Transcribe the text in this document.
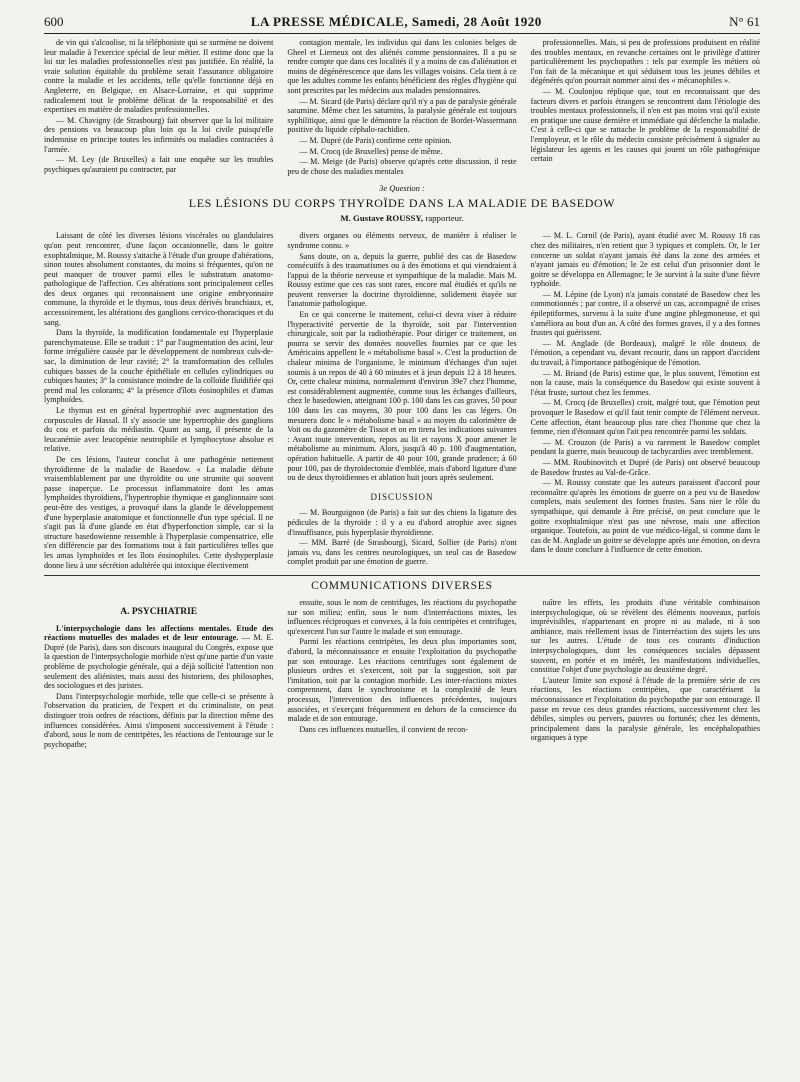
600	LA PRESSE MÉDICALE, Samedi, 28 Août 1920	N° 61

de vin qui s'alcoolise, ni la téléphoniste qui se surmène ne doivent leur maladie à l'exercice spécial de leur métier. Il estime donc que la loi sur les maladies professionnelles n'est pas justifiée. En réalité, la vraie solution équitable du problème serait l'assurance obligatoire contre la maladie et les accidents, telle qu'elle fonctionne déjà en Angleterre, en Belgique, en Alsace-Lorraine, et qui supprime radicalement tout le problème délicat de la responsabilité et des expertises en matière de maladies professionnelles.

— M. Chavigny (de Strasbourg) fait observer que la loi militaire des pensions va beaucoup plus loin qu la loi civile puisqu'elle indemnise en principe toutes les infirmités ou maladies contractées à l'armée.

— M. Ley (de Bruxelles) a fait une enquête sur les troubles psychiques qu'auraient pu contracter, par

contagion mentale, les individus qui dans les colonies belges de Gheel et Lierneux ont des aliénés comme pensionnaires. Il a pu se rendre compte que dans ces localités il y a moins de cas d'aliénation et moins de dégénérescence que dans les villages voisins. Cela tient à ce que les adultes comme les enfants bénéficient des règles d'hygiène qui sont prescrites par les médecins aux malades pensionnaires.

— M. Sicard (de Paris) déclare qu'il n'y a pas de paralysie générale saturnine. Même chez les saturnins, la paralysie générale est toujours syphilitique, ainsi que le démontre la réaction de Bordet-Wassermann positive du liquide céphalo-rachidien.

— M. Dupré (de Paris) confirme cette opinion.

— M. Crocq (de Bruxelles) pense de même.

— M. Meige (de Paris) observe qu'après cette discussion, il reste peu de chose des maladies mentales

professionnelles. Mais, si peu de professions produisent en réalité des troubles mentaux, en revanche certaines ont le privilège d'attirer particulièrement les psychopathes : tels par exemple les métiers où l'on fait de la mécanique et qui séduisent tous les jeunes débiles et dégénérés qu'on pourrait nommer ainsi des « mécanophiles ».

— M. Coulonjou réplique que, tout en reconnaissant que des facteurs divers et parfois étrangers se rencontrent dans l'étiologie des troubles mentaux professionnels, il n'en est pas moins vrai qu'il existe en pratique une cause dernière et immédiate qui déclenche la maladie. C'est à celle-ci que se rattache le problème de la responsabilité de l'employeur, et le rôle du médecin consiste précisément à signaler au législateur les agents et les causes qui jouent un rôle pathogénique certain

3e Question :
LES LÉSIONS DU CORPS THYROÏDE DANS LA MALADIE DE BASEDOW
M. Gustave ROUSSY, rapporteur.

Laissant de côté les diverses lésions viscérales ou glandulaires qu'on peut rencontrer, d'une façon occasionnelle, dans le goitre exophtalmique, M. Roussy s'attache à l'étude d'un groupe d'altérations, sinon toutes absolument constantes, du moins si fréquentes, qu'on ne peut manquer de trouver parmi elles le substratum anatomo-pathologique de l'affection. Ces altérations sont principalement celles des deux organes qui reconnaissent une origine embryonnaire commune, la thyroïde et le thymus, tous deux dérivés branchiaux, et, accessoirement, les altérations des ganglions cervico-thoraciques et du sang.

Dans la thyroïde, la modification fondamentale est l'hyperplasie parenchymateuse. Elle se traduit : 1° par l'augmentation des acini, leur forme irrégulière causée par le développement de nombreux culs-de-sac, la diminution de leur cavité; 2° la transformation des cellules cubiques basses de la couche épithéliale en cellules cylindriques ou cubiques hautes; 3° la consistance moindre de la colloïde fluidifiée qui prend mal les colorants; 4° la présence d'îlots éosinophiles et d'amas lymphoïdes.

Le thymus est en général hypertrophié avec augmentation des corpuscules de Hassal. Il s'y associe une hypertrophie des ganglions du cou et parfois du médiastin. Quant au sang, il présente de la leucanémie avec leucopénie neutrophile et lymphocytose absolue et relative.

De ces lésions, l'auteur conclut à une pathogénie nettement thyroïdienne de la maladie de Basedow. « La maladie débute vraisemblablement par une thyroïdite ou une strumite qui souvent passe inaperçue. Le processus inflammatoire dont les amas lymphoïdes thyroïdiens, l'hypertrophie thymique et ganglionnaire sont peut-être des vestiges, a provoqué dans la glande le développement d'une hyperplasie anatomique et fonctionnelle d'un type spécial. Il ne s'agit pas là d'une glande en état d'hyperfonction simple, car si la structure basedowienne ressemble à l'hyperplasie compensatrice, elle s'en différencie par des formations tout à fait particulières telles que les amas lymphoïdes et les îlots éosinophiles. Cette dyshyperplasie donne lieu à une sécrétion adultérée qui intoxique électivement

divers organes ou éléments nerveux, de manière à réaliser le syndrome connu. »

Sans doute, on a, depuis la guerre, publié des cas de Basedow consécutifs à des traumatismes ou à des émotions et qui viendraient à l'appui de la théorie nerveuse et sympathique de la maladie. Mais M. Roussy estime que ces cas sont rares, encore mal étudiés et qu'ils ne peuvent renverser la doctrine thyroïdienne, solidement étayée sur l'anatomie pathologique.

En ce qui concerne le traitement, celui-ci devra viser à réduire l'hyperactivité pervertie de la thyroïde, soit par l'intervention chirurgicale, soit par la radiothérapie. Pour diriger ce traitement, on pourra se servir des données nouvelles fournies par ce que les Américains appellent le « métabolisme basal ». C'est la production de chaleur minima de l'organisme, le minimum d'échanges d'un sujet soumis à un repos de 40 à 60 minutes et à jeun depuis 12 à 18 heures. Or, cette chaleur minima, normalement d'environ 39e7 chez l'homme, est considérablement augmentée, comme tous les échanges d'ailleurs, chez le basedowien, atteignant 100 p. 100 dans les cas graves, 50 pour 100 dans les cas moyens, 30 pour 100 dans les cas légers. On mesurera donc le « métabolisme basal » au moyen du calorimètre de Voit ou du gazomètre de Tissot et on en tirera les indications suivantes : Avant toute intervention, repos au lit et rayons X pour amener le métabolisme au minimum. Alors, jusqu'à 40 p. 100 d'augmentation, opération habituelle. A partir de 40 pour 100, grande prudence; à 60 pour 100, pas de thyroïdectomie d'emblée, mais d'abord ligature d'une ou de deux thyroïdiennes et ablation huit jours après seulement.

DISCUSSION

— M. Bourguignon (de Paris) a fait sur des chiens la ligature des pédicules de la thyroïde : il y a eu d'abord atrophie avec signes d'insuffisance, puis hyperplasie thyroïdienne.

— MM. Barré (de Strasbourg), Sicard, Sollier (de Paris) n'ont jamais vu, dans les centres neurologiques, un seul cas de Basedow complet produit par une émotion de guerre.

— M. L. Cornil (de Paris), ayant étudié avec M. Roussy 18 cas chez des militaires, n'en retient que 3 typiques et complets. Or, le 1er concerne un soldat n'ayant jamais été dans la zone des armées et n'ayant jamais eu d'émotion; le 2e est celui d'un prisonnier dont le goitre se développa en Allemagne; le 3e survint à la suite d'une fièvre typhoïde.

— M. Lépine (de Lyon) n'a jamais constaté de Basedow chez les commotionnés ; par contre, il a observé un cas, accompagné de crises épileptiformes, survenu à la suite d'une angine phlegmoneuse, et qui s'améliora au bout d'un an. A côté des formes graves, il y a des formes frustes qui guérissent.

— M. Anglade (de Bordeaux), malgré le rôle douteux de l'émotion, a cependant vu, devant recourir, dans un rapport d'accident du travail, à l'importance pathogénique de l'émotion.

— M. Briand (de Paris) estime que, le plus souvent, l'émotion est non la cause, mais la conséquence du Basedow qui existe souvent à l'état fruste, surtout chez les femmes.

— M. Crocq (de Bruxelles) croit, malgré tout, que l'émotion peut provoquer le Basedow et qu'il faut tenir compte de l'élément nerveux. Cette affection, étant beaucoup plus rare chez l'homme que chez la femme, rien d'étonnant qu'on l'ait peu rencontrée parmi les soldats.

— M. Crouzon (de Paris) a vu rarement le Basedow complet pendant la guerre, mais beaucoup de tachycardies avec tremblement.

— MM. Roubinovitch et Dupré (de Paris) ont observé beaucoup de Basedow frustes au Val-de-Grâce.

— M. Roussy constate que les auteurs paraissent d'accord pour reconnaître qu'après les émotions de guerre on a peu vu de Basedow complets, mais seulement des formes frustes. Sans nier le rôle du sympathique, qui demande à être précisé, on peut conclure que le goitre exophtalmique n'est pas une névrose, mais une affection organique. Toutefois, au point de vue médico-légal, si comme dans le cas de M. Anglade un goitre se développe après une émotion, on devra dans le doute conclure à l'influence de cette émotion.

COMMUNICATIONS DIVERSES
A. PSYCHIATRIE

L'interpsychologie dans les affections mentales. Etude des réactions mutuelles des malades et de leur entourage. — M. E. Dupré (de Paris), dans son discours inaugural du Congrès, expose que la question de l'interpsychologie morbide n'est qu'une partie d'un vaste problème de psychologie générale, qui a déjà sollicité l'attention non seulement des aliénistes, mais aussi des historiens, des philosophes, des sociologues et des juristes.

Dans l'interpsychologie morbide, telle que celle-ci se présente à l'observation du praticien, de l'expert et du criminaliste, on peut distinguer trois ordres de réactions, définis par la direction même des influences considérées. Ainsi s'imposent successivement à l'étude : d'abord, sous le nom de centripètes, les réactions de l'entourage sur le psychopathe;

ensuite, sous le nom de centrifuges, les réactions du psychopathe sur son milieu; enfin, sous le nom d'interréactions mixtes, les influences réciproques et convexes, à la fois centripètes et centrifuges, qu'exercent l'un sur l'autre le malade et son entourage.

Parmi les réactions centripètes, les deux plus importantes sont, d'abord, la méconnaissance et ensuite l'exploitation du psychopathe par son entourage. Les réactions centrifuges sont également de plusieurs ordres et s'exercent, soit par la suggestion, soit par l'imitation, soit par la contagion morbide. Les inter-réactions mixtes comprennent, dans le synchronisme et la complexité de leurs processus, l'intervention des influences précédentes, toujours associées, et s'exerçant fréquemment en dehors de la conscience du malade et de son entourage.

Dans ces influences mutuelles, il convient de recon-

naître les effets, les produits d'une véritable combinaison interpsychologique, où se révèlent des éléments nouveaux, parfois imprévisibles, n'appartenant en propre ni au malade, ni à son ambiance, mais réellement issus de l'interréaction des sujets les uns sur les autres. L'étude de tous ces courants d'induction interpsychologiques, dont les conséquences sociales dépassent souvent, en portée et en intérêt, les manifestations individuelles, constitue l'objet d'une psychologie au deuxième degré.

L'auteur limite son exposé à l'étude de la première série de ces réactions, les réactions centripètes, que caractérisent la méconnaissance et l'exploitation du psychopathe par son entourage. Il passe en revue ces deux grandes réactions, successivement chez les débiles, simples ou pervers, pauvres ou fortunés; chez les déments, principalement dans la paralysie générale, les encéphalopathies organiques à type
